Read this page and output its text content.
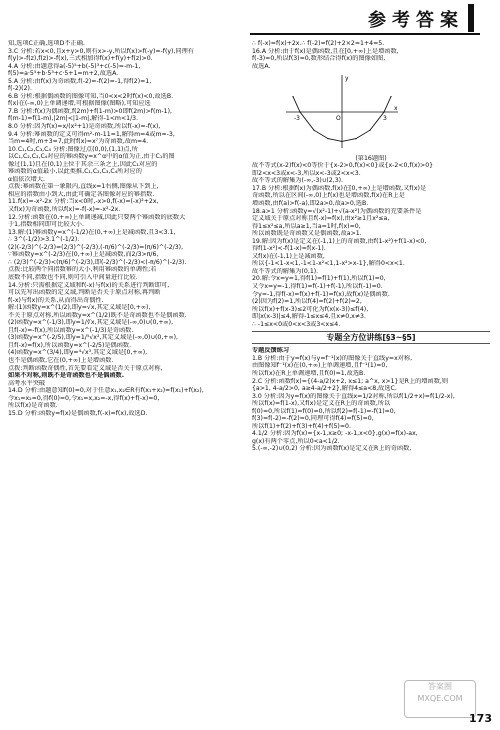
参考答案

知,选项C正确,选项D不正确.

3.C 分析:若x<0,且x+y>0,则有x>-y,所以f(x)>f(-y)=-f(y),同理有

f(y)>-f(z),f(z)>-f(x),三式相加得f(x)+f(y)+f(z)>0.

4.A 分析:由题意得a(-5)⁵+b(-5)³+c(-5)=-m-1,

f(5)=a·5⁵+b·5³+c·5+1=m+2,故选A.

5.A 分析:由f(x)为奇函数,f(-2)=-f(2)=-1,得f(2)=1,

f(-2)(2).

6.B 分析:根据偶函数的图像可知,当0<x<2时f(x)<0,故选B.

f(x)在(-∞,0)上单调递增,可根据图像(图略),可知应选

7.B 分析:f(x)为偶函数,f(2m)+f(1-m)>0即f(2m)>f(m-1),

f(m-1)=f(1-m),|2m|<|1-m|,解得-1<m<1/3.

8.0 分析:因为f(x)=x/(x²+1)是奇函数,所以f(-x)=-f(x),

9.4 分析:幂函数的定义可得m²-m-11=1,解得m=4或m=-3,

当m=4时,m+3=7,此时f(x)=x⁷为奇函数,故m=4.

10.C₁,C₂,C₃,C₄ 分析:图像过点(0,0),(1,1)点,所

以C₁,C₂,C₃,C₄对应的幂函数y=x^α中的α值为正,由于C₁的图

像过(1,1)且在(0,1)上位于其余三条之上,因此C₁对应的

幂函数的α值最小,以此类推,C₁,C₂,C₃,C₄所对应的

α值依次增大.

点拨:幂函数在第一象限内,直线x=1右侧,图像从下到上,

相应的指数由小到大,由此可确定各图像对应的幂指数.

11.f(x)=-x²-2x 分析:当x<0时,-x>0,f(-x)=(-x)²+2x,

又f(x)为奇函数,所以f(x)=-f(-x)=-x²-2x.

12.分析:函数在(0,+∞)上单调递减,因此只要两个幂函数的底数大

于1,指数相同即可比较大小.

13.解:(1)幂函数y=x^(-1/2)在(0,+∞)上是减函数,且3<3.1,

∴ 3^(-1/2)>3.1^(-1/2).

(2)(-2/3)^(-2/3)=(2/3)^(-2/3),(-π/6)^(-2/3)=(π/6)^(-2/3),

∵幂函数y=x^(-2/3)在(0,+∞)上是减函数,而2/3>π/6,

∴ (2/3)^(-2/3)<(π/6)^(-2/3),即(-2/3)^(-2/3)<(-π/6)^(-2/3).

点拨:比较两个同指数幂的大小,利用幂函数的单调性;若

底数不同,指数也不同,则可引入中间量进行比较.

14.分析:只需根据定义域和f(-x)与f(x)的关系进行判断即可,

可以先写出函数的定义域,判断是否关于原点对称,再判断

f(-x)与f(x)的关系,从而得出奇偶性.

解:(1)函数y=x^(1/2),即y=√x,其定义域是[0,+∞),

不关于原点对称,所以函数y=x^(1/2)既不是奇函数也不是偶函数.

(2)函数y=x^(-1/3),即y=1/∛x,其定义域是(-∞,0)∪(0,+∞),

且f(-x)=-f(x),所以函数y=x^(-1/3)是奇函数.

(3)函数y=x^(-2/5),即y=1/⁵√x²,其定义域是(-∞,0)∪(0,+∞),

且f(-x)=f(x),所以函数y=x^(-2/5)是偶函数.

(4)函数y=x^(3/4),即y=⁴√x³,其定义域是[0,+∞),

也不是偶函数,它在(0,+∞)上是增函数.

点拨:判断函数奇偶性,首先要看定义域是否关于原点对称,

如果不对称,则既不是奇函数也不是偶函数.

高考水平突破

14.D 分析:由题意知f(0)=0,对于任意x₁,x₂∈R有f(x₁+x₂)=f(x₁)+f(x₂),

令x₁=x₂=0,得f(0)=0,令x₁=x,x₂=-x,得f(x)+f(-x)=0,

所以f(x)是奇函数.

15.D 分析:函数y=f(x)是偶函数,f(-x)=f(x),故选D.

∴ f(-x)=f(x)+2x.∴ f(-2)=f(2)+2×2=1+4=5.

16.A 分析:由于f(x)是偶函数,且在[0,+∞)上是增函数,

f(-3)=0,所以f(3)=0,数形结合得f(x)的图像如图,

故选A.

-3	O	3
x
y

(第16题图)

故不等式(x-2)f(x)<0等价于{x-2>0,f(x)<0}或{x-2<0,f(x)>0}

即2<x<3或x<-3,所以x<-3或2<x<3.

故不等式的解集为(-∞,-3)∪(2,3).

17.B 分析:根据f(x)为偶函数,f(x)在[0,+∞)上是增函数,又f(x)是

奇函数,所以在区间(-∞,0)上f(x)也是增函数,f(x)在R上是

增函数,由f(a)>f(-a),即2a>0,故a>0,选B.

18.a>1 分析:函数y=√(x²-1)+√(a-x²)为偶函数的充要条件是

定义域关于原点对称且f(-x)=f(x),由x²≥1且x²≤a,

得1≤x²≤a,所以a≥1,当a=1时,f(x)=0,

所以函数既是奇函数又是偶函数,故a>1.

19.解:因为f(x)是定义在(-1,1)上的奇函数,由f(1-x²)+f(1-x)<0,

得f(1-x²)<-f(1-x)=f(x-1).

又f(x)在(-1,1)上是减函数,

所以{-1<1-x<1,-1<1-x²<1,1-x²>x-1},解得0<x<1.

故不等式的解集为(0,1).

20.解:令x=y=1,得f(1)=f(1)+f(1),所以f(1)=0,

又令x=y=-1,得f(1)=f(-1)+f(-1),所以f(-1)=0.

令y=-1,得f(-x)=f(x)+f(-1)=f(x),故f(x)是偶函数.

(2)因为f(2)=1,所以f(4)=f(2)+f(2)=2,

所以f(x)+f(x-3)≤2可化为f(x(x-3))≤f(4),

即|x(x-3)|≤4,解得-1≤x≤4,且x≠0,x≠3.

∴ -1≤x<0或0<x<3或3<x≤4.

专题全方位讲练[§3~§5]

专题反馈练习

1.B 分析:由于y=f(x)与y=f⁻¹(x)的图像关于直线y=x对称,

由图像知f⁻¹(x)在(0,+∞)上单调递增,且f⁻¹(1)=0,

所以f(x)在R上单调递增,且f(0)=1,故选B.

2.C 分析:函数f(x)={(4-a/2)x+2, x≤1; a^x, x>1}是R上的增函数,则

{a>1, 4-a/2>0, a≥4-a/2+2},解得4≤a<8,故选C.

3.0 分析:因为y=f(x)的图像关于直线x=1/2对称,所以f(1/2+x)=f(1/2-x),

所以f(x)=f(1-x),又f(x)是定义在R上的奇函数,所以

f(0)=0,所以f(1)=f(0)=0,所以f(2)=f(-1)=-f(1)=0,

f(3)=f(-2)=-f(2)=0,同理可得f(4)=f(5)=0,

所以f(1)+f(2)+f(3)+f(4)+f(5)=0.

4.1/2 分析:因为f(x)={x-1,x≥0; -x-1,x<0},g(x)=f(x)-ax,

g(x)有两个零点,所以0<a<1/2.

5.(-∞,-2)∪(0,2) 分析:因为函数f(x)是定义在R上的奇函数,

答案圈
MXQE.COM
173
